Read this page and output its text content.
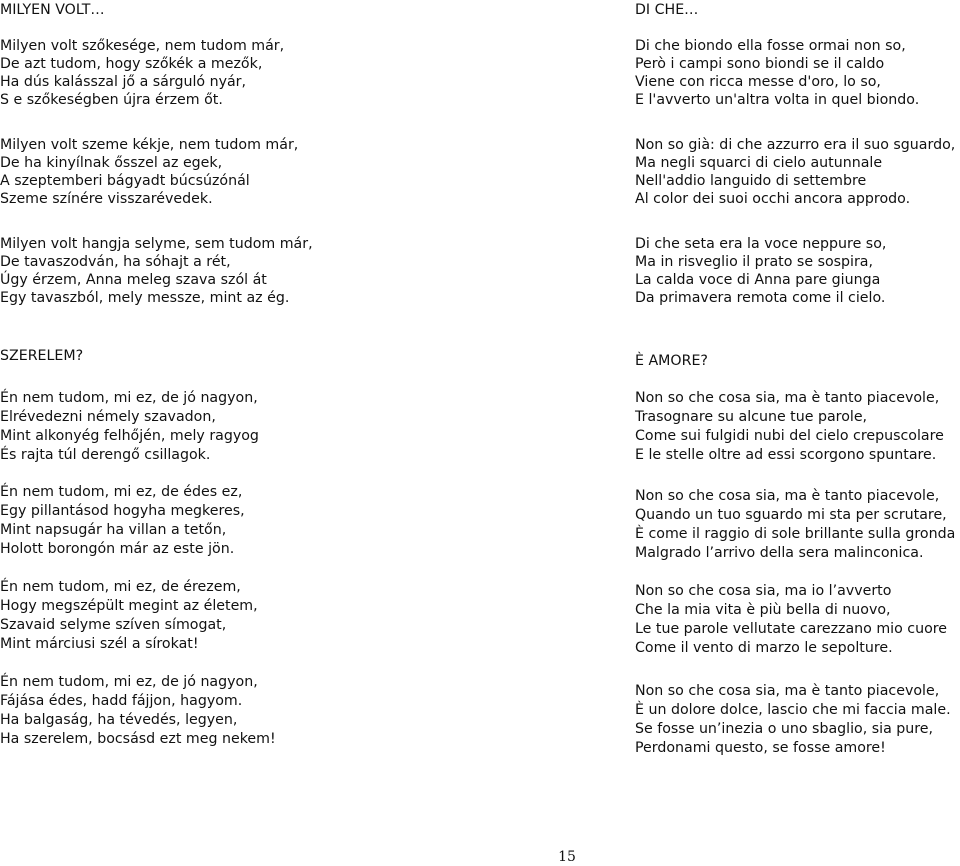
MILYEN VOLT…
Milyen volt szőkesége, nem tudom már,
De azt tudom, hogy szőkék a mezők,
Ha dús kalásszal jő a sárguló nyár,
S e szőkeségben újra érzem őt.
Milyen volt szeme kékje, nem tudom már,
De ha kinyílnak ősszel az egek,
A szeptemberi bágyadt búcsúzónál
Szeme színére visszarévedek.
Milyen volt hangja selyme, sem tudom már,
De tavaszodván, ha sóhajt a rét,
Úgy érzem, Anna meleg szava szól át
Egy tavaszból, mely messze, mint az ég.
SZERELEM?
Én nem tudom, mi ez, de jó nagyon,
Elrévedezni némely szavadon,
Mint alkonyég felhőjén, mely ragyog
És rajta túl derengő csillagok.
Én nem tudom, mi ez, de édes ez,
Egy pillantásod hogyha megkeres,
Mint napsugár ha villan a tetőn,
Holott borongón már az este jön.
Én nem tudom, mi ez, de érezem,
Hogy megszépült megint az életem,
Szavaid selyme szíven símogat,
Mint márciusi szél a sírokat!
Én nem tudom, mi ez, de jó nagyon,
Fájása édes, hadd fájjon, hagyom.
Ha balgaság, ha tévedés, legyen,
Ha szerelem, bocsásd ezt meg nekem!
DI CHE…
Di che biondo ella fosse ormai non so,
Però i campi sono biondi se il caldo
Viene con ricca messe d'oro, lo so,
E l'avverto un'altra volta in quel biondo.
Non so già: di che azzurro era il suo sguardo,
Ma negli squarci di cielo autunnale
Nell'addio languido di settembre
Al color dei suoi occhi ancora approdo.
Di che seta era la voce neppure so,
Ma in risveglio il prato se sospira,
La calda voce di Anna pare giunga
Da primavera remota come il cielo.
È AMORE?
Non so che cosa sia, ma è tanto piacevole,
Trasognare su alcune tue parole,
Come sui fulgidi nubi del cielo crepuscolare
E le stelle oltre ad essi scorgono spuntare.
Non so che cosa sia, ma è tanto piacevole,
Quando un tuo sguardo mi sta per scrutare,
È come il raggio di sole brillante sulla gronda
Malgrado l’arrivo della sera malinconica.
Non so che cosa sia, ma io l’avverto
Che la mia vita è più bella di nuovo,
Le tue parole vellutate carezzano mio cuore
Come il vento di marzo le sepolture.
Non so che cosa sia, ma è tanto piacevole,
È un dolore dolce, lascio che mi faccia male.
Se fosse un’inezia o uno sbaglio, sia pure,
Perdonami questo, se fosse amore!
15
